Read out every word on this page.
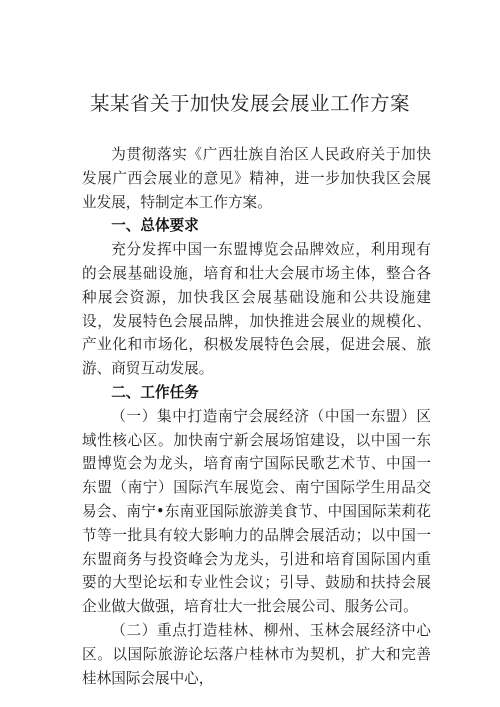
某某省关于加快发展会展业工作方案

为贯彻落实《广西壮族自治区人民政府关于加快发展广西会展业的意见》精神，进一步加快我区会展业发展，特制定本工作方案。

一、总体要求

充分发挥中国一东盟博览会品牌效应，利用现有的会展基础设施，培育和壮大会展市场主体，整合各种展会资源，加快我区会展基础设施和公共设施建设，发展特色会展品牌，加快推进会展业的规模化、产业化和市场化，积极发展特色会展，促进会展、旅游、商贸互动发展。

二、工作任务

（一）集中打造南宁会展经济（中国一东盟）区域性核心区。加快南宁新会展场馆建设，以中国一东盟博览会为龙头，培育南宁国际民歌艺术节、中国一东盟（南宁）国际汽车展览会、南宁国际学生用品交易会、南宁•东南亚国际旅游美食节、中国国际茉莉花节等一批具有较大影响力的品牌会展活动；以中国一东盟商务与投资峰会为龙头，引进和培育国际国内重要的大型论坛和专业性会议；引导、鼓励和扶持会展企业做大做强，培育壮大一批会展公司、服务公司。

（二）重点打造桂林、柳州、玉林会展经济中心区。以国际旅游论坛落户桂林市为契机，扩大和完善桂林国际会展中心，
